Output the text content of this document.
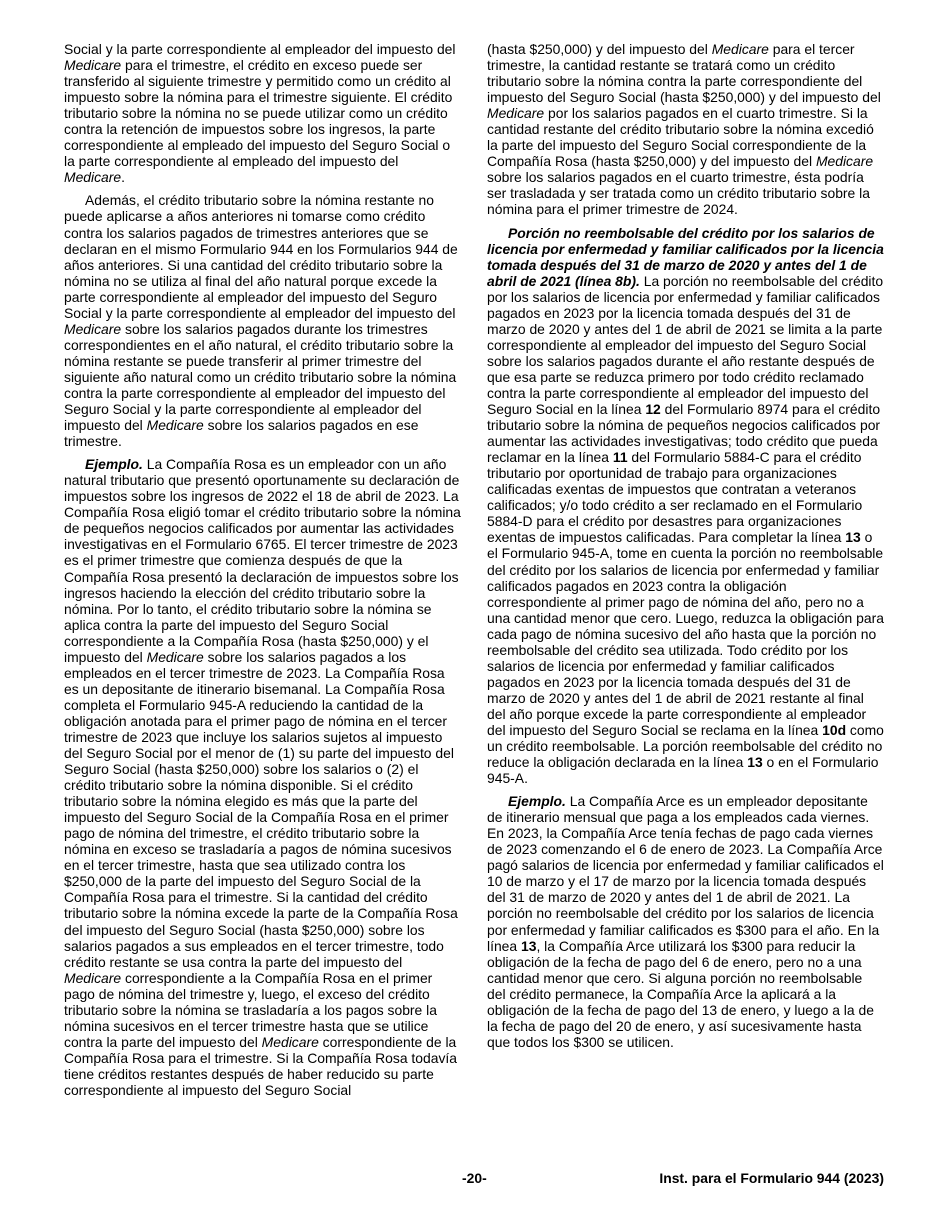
Social y la parte correspondiente al empleador del impuesto del Medicare para el trimestre, el crédito en exceso puede ser transferido al siguiente trimestre y permitido como un crédito al impuesto sobre la nómina para el trimestre siguiente. El crédito tributario sobre la nómina no se puede utilizar como un crédito contra la retención de impuestos sobre los ingresos, la parte correspondiente al empleado del impuesto del Seguro Social o la parte correspondiente al empleado del impuesto del Medicare.

Además, el crédito tributario sobre la nómina restante no puede aplicarse a años anteriores ni tomarse como crédito contra los salarios pagados de trimestres anteriores que se declaran en el mismo Formulario 944 en los Formularios 944 de años anteriores. Si una cantidad del crédito tributario sobre la nómina no se utiliza al final del año natural porque excede la parte correspondiente al empleador del impuesto del Seguro Social y la parte correspondiente al empleador del impuesto del Medicare sobre los salarios pagados durante los trimestres correspondientes en el año natural, el crédito tributario sobre la nómina restante se puede transferir al primer trimestre del siguiente año natural como un crédito tributario sobre la nómina contra la parte correspondiente al empleador del impuesto del Seguro Social y la parte correspondiente al empleador del impuesto del Medicare sobre los salarios pagados en ese trimestre.

Ejemplo. La Compañía Rosa es un empleador con un año natural tributario que presentó oportunamente su declaración de impuestos sobre los ingresos de 2022 el 18 de abril de 2023. La Compañía Rosa eligió tomar el crédito tributario sobre la nómina de pequeños negocios calificados por aumentar las actividades investigativas en el Formulario 6765. El tercer trimestre de 2023 es el primer trimestre que comienza después de que la Compañía Rosa presentó la declaración de impuestos sobre los ingresos haciendo la elección del crédito tributario sobre la nómina. Por lo tanto, el crédito tributario sobre la nómina se aplica contra la parte del impuesto del Seguro Social correspondiente a la Compañía Rosa (hasta $250,000) y el impuesto del Medicare sobre los salarios pagados a los empleados en el tercer trimestre de 2023. La Compañía Rosa es un depositante de itinerario bisemanal. La Compañía Rosa completa el Formulario 945-A reduciendo la cantidad de la obligación anotada para el primer pago de nómina en el tercer trimestre de 2023 que incluye los salarios sujetos al impuesto del Seguro Social por el menor de (1) su parte del impuesto del Seguro Social (hasta $250,000) sobre los salarios o (2) el crédito tributario sobre la nómina disponible. Si el crédito tributario sobre la nómina elegido es más que la parte del impuesto del Seguro Social de la Compañía Rosa en el primer pago de nómina del trimestre, el crédito tributario sobre la nómina en exceso se trasladaría a pagos de nómina sucesivos en el tercer trimestre, hasta que sea utilizado contra los $250,000 de la parte del impuesto del Seguro Social de la Compañía Rosa para el trimestre. Si la cantidad del crédito tributario sobre la nómina excede la parte de la Compañía Rosa del impuesto del Seguro Social (hasta $250,000) sobre los salarios pagados a sus empleados en el tercer trimestre, todo crédito restante se usa contra la parte del impuesto del Medicare correspondiente a la Compañía Rosa en el primer pago de nómina del trimestre y, luego, el exceso del crédito tributario sobre la nómina se trasladaría a los pagos sobre la nómina sucesivos en el tercer trimestre hasta que se utilice contra la parte del impuesto del Medicare correspondiente de la Compañía Rosa para el trimestre. Si la Compañía Rosa todavía tiene créditos restantes después de haber reducido su parte correspondiente al impuesto del Seguro Social

(hasta $250,000) y del impuesto del Medicare para el tercer trimestre, la cantidad restante se tratará como un crédito tributario sobre la nómina contra la parte correspondiente del impuesto del Seguro Social (hasta $250,000) y del impuesto del Medicare por los salarios pagados en el cuarto trimestre. Si la cantidad restante del crédito tributario sobre la nómina excedió la parte del impuesto del Seguro Social correspondiente de la Compañía Rosa (hasta $250,000) y del impuesto del Medicare sobre los salarios pagados en el cuarto trimestre, ésta podría ser trasladada y ser tratada como un crédito tributario sobre la nómina para el primer trimestre de 2024.

Porción no reembolsable del crédito por los salarios de licencia por enfermedad y familiar calificados por la licencia tomada después del 31 de marzo de 2020 y antes del 1 de abril de 2021 (línea 8b). La porción no reembolsable del crédito por los salarios de licencia por enfermedad y familiar calificados pagados en 2023 por la licencia tomada después del 31 de marzo de 2020 y antes del 1 de abril de 2021 se limita a la parte correspondiente al empleador del impuesto del Seguro Social sobre los salarios pagados durante el año restante después de que esa parte se reduzca primero por todo crédito reclamado contra la parte correspondiente al empleador del impuesto del Seguro Social en la línea 12 del Formulario 8974 para el crédito tributario sobre la nómina de pequeños negocios calificados por aumentar las actividades investigativas; todo crédito que pueda reclamar en la línea 11 del Formulario 5884-C para el crédito tributario por oportunidad de trabajo para organizaciones calificadas exentas de impuestos que contratan a veteranos calificados; y/o todo crédito a ser reclamado en el Formulario 5884-D para el crédito por desastres para organizaciones exentas de impuestos calificadas. Para completar la línea 13 o el Formulario 945-A, tome en cuenta la porción no reembolsable del crédito por los salarios de licencia por enfermedad y familiar calificados pagados en 2023 contra la obligación correspondiente al primer pago de nómina del año, pero no a una cantidad menor que cero. Luego, reduzca la obligación para cada pago de nómina sucesivo del año hasta que la porción no reembolsable del crédito sea utilizada. Todo crédito por los salarios de licencia por enfermedad y familiar calificados pagados en 2023 por la licencia tomada después del 31 de marzo de 2020 y antes del 1 de abril de 2021 restante al final del año porque excede la parte correspondiente al empleador del impuesto del Seguro Social se reclama en la línea 10d como un crédito reembolsable. La porción reembolsable del crédito no reduce la obligación declarada en la línea 13 o en el Formulario 945-A.

Ejemplo. La Compañía Arce es un empleador depositante de itinerario mensual que paga a los empleados cada viernes. En 2023, la Compañía Arce tenía fechas de pago cada viernes de 2023 comenzando el 6 de enero de 2023. La Compañía Arce pagó salarios de licencia por enfermedad y familiar calificados el 10 de marzo y el 17 de marzo por la licencia tomada después del 31 de marzo de 2020 y antes del 1 de abril de 2021. La porción no reembolsable del crédito por los salarios de licencia por enfermedad y familiar calificados es $300 para el año. En la línea 13, la Compañía Arce utilizará los $300 para reducir la obligación de la fecha de pago del 6 de enero, pero no a una cantidad menor que cero. Si alguna porción no reembolsable del crédito permanece, la Compañía Arce la aplicará a la obligación de la fecha de pago del 13 de enero, y luego a la de la fecha de pago del 20 de enero, y así sucesivamente hasta que todos los $300 se utilicen.

-20-	Inst. para el Formulario 944 (2023)
